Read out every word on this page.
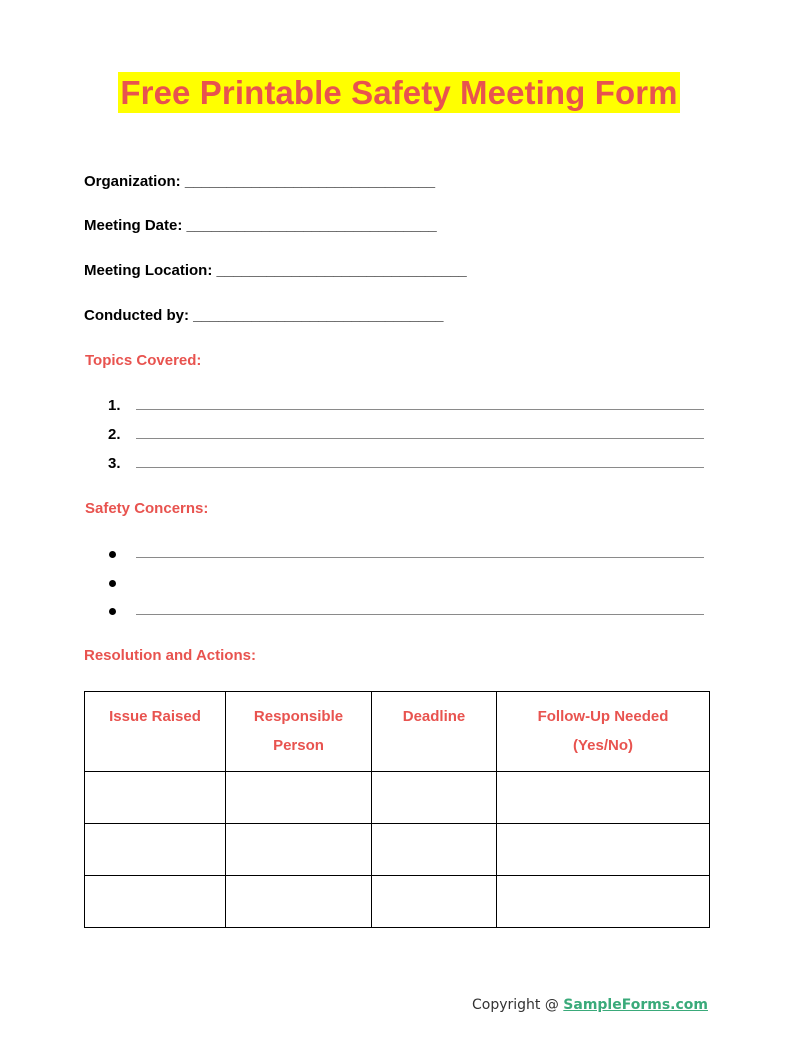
Free Printable Safety Meeting Form
Organization: ______________________________
Meeting Date: ______________________________
Meeting Location: ______________________________
Conducted by: ______________________________
Topics Covered:
1.
2.
3.
Safety Concerns:
Resolution and Actions:
Issue Raised	Responsible Person	Deadline	Follow-Up Needed (Yes/No)

Copyright @ SampleForms.com
